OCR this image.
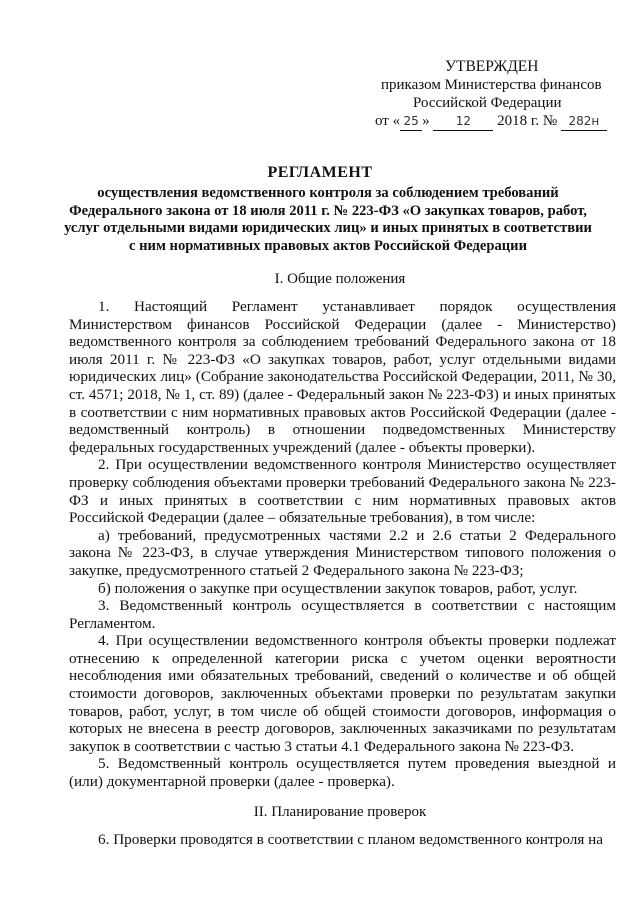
УТВЕРЖДЕН
приказом Министерства финансов
Российской Федерации
от « 25 » 12 2018 г. № 282н
РЕГЛАМЕНТ
осуществления ведомственного контроля за соблюдением требований Федерального закона от 18 июля 2011 г. № 223-ФЗ «О закупках товаров, работ, услуг отдельными видами юридических лиц» и иных принятых в соответствии с ним нормативных правовых актов Российской Федерации
I. Общие положения

1. Настоящий Регламент устанавливает порядок осуществления Министерством финансов Российской Федерации (далее - Министерство) ведомственного контроля за соблюдением требований Федерального закона от 18 июля 2011 г. № 223-ФЗ «О закупках товаров, работ, услуг отдельными видами юридических лиц» (Собрание законодательства Российской Федерации, 2011, № 30, ст. 4571; 2018, № 1, ст. 89) (далее - Федеральный закон № 223-ФЗ) и иных принятых в соответствии с ним нормативных правовых актов Российской Федерации (далее - ведомственный контроль) в отношении подведомственных Министерству федеральных государственных учреждений (далее - объекты проверки).

2. При осуществлении ведомственного контроля Министерство осуществляет проверку соблюдения объектами проверки требований Федерального закона № 223-ФЗ и иных принятых в соответствии с ним нормативных правовых актов Российской Федерации (далее – обязательные требования), в том числе:

а) требований, предусмотренных частями 2.2 и 2.6 статьи 2 Федерального закона № 223-ФЗ, в случае утверждения Министерством типового положения о закупке, предусмотренного статьей 2 Федерального закона № 223-ФЗ;

б) положения о закупке при осуществлении закупок товаров, работ, услуг.

3. Ведомственный контроль осуществляется в соответствии с настоящим Регламентом.

4. При осуществлении ведомственного контроля объекты проверки подлежат отнесению к определенной категории риска с учетом оценки вероятности несоблюдения ими обязательных требований, сведений о количестве и об общей стоимости договоров, заключенных объектами проверки по результатам закупки товаров, работ, услуг, в том числе об общей стоимости договоров, информация о которых не внесена в реестр договоров, заключенных заказчиками по результатам закупок в соответствии с частью 3 статьи 4.1 Федерального закона № 223-ФЗ.

5. Ведомственный контроль осуществляется путем проведения выездной и (или) документарной проверки (далее - проверка).

II. Планирование проверок

6. Проверки проводятся в соответствии с планом ведомственного контроля на
